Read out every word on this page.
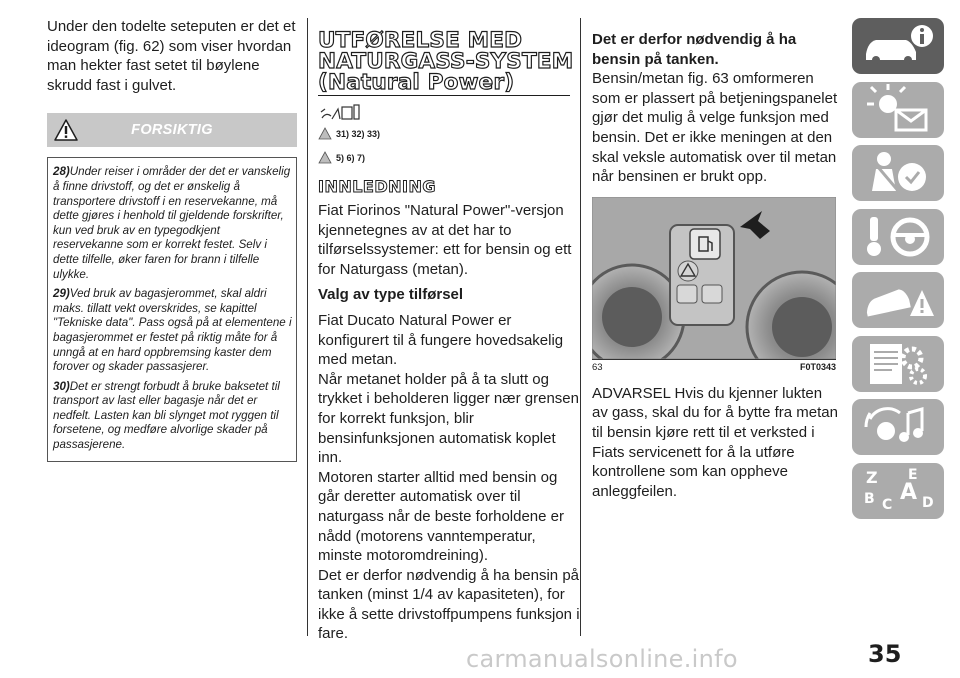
Under den todelte seteputen er det et ideogram (fig. 62) som viser hvordan man hekter fast setet til bøylene skrudd fast i gulvet.

FORSIKTIG
28)Under reiser i områder der det er vanskelig å finne drivstoff, og det er ønskelig å transportere drivstoff i en reservekanne, må dette gjøres i henhold til gjeldende forskrifter, kun ved bruk av en typegodkjent reservekanne som er korrekt festet. Selv i dette tilfelle, øker faren for brann i tilfelle ulykke.
29)Ved bruk av bagasjerommet, skal aldri maks. tillatt vekt overskrides, se kapittel "Tekniske data". Pass også på at elementene i bagasjerommet er festet på riktig måte for å unngå at en hard oppbremsing kaster dem forover og skader passasjerer.
30)Det er strengt forbudt å bruke baksetet til transport av last eller bagasje når det er nedfelt. Lasten kan bli slynget mot ryggen til forsetene, og medføre alvorlige skader på passasjerene.
UTFØRELSE MED
NATURGASS-SYSTEM
(Natural Power)
31) 32) 33)
5) 6) 7)
INNLEDNING

Fiat Fiorinos "Natural Power"-versjon kjennetegnes av at det har to tilførselssystemer: ett for bensin og ett for Naturgass (metan).

Valg av type tilførsel

Fiat Ducato Natural Power er konfigurert til å fungere hovedsakelig med metan.

Når metanet holder på å ta slutt og trykket i beholderen ligger nær grensen for korrekt funksjon, blir bensinfunksjonen automatisk koplet inn.

Motoren starter alltid med bensin og går deretter automatisk over til naturgass når de beste forholdene er nådd (motorens vanntemperatur, minste motoromdreining).

Det er derfor nødvendig å ha bensin på tanken (minst 1/4 av kapasiteten), for ikke å sette drivstoffpumpens funksjon i fare.

Det er derfor nødvendig å ha bensin på tanken.

Bensin/metan fig. 63 omformeren som er plassert på betjeningspanelet gjør det mulig å velge funksjon med bensin. Det er ikke meningen at den skal veksle automatisk over til metan når bensinen er brukt opp.

63	F0T0343

ADVARSEL Hvis du kjenner lukten av gass, skal du for å bytte fra metan til bensin kjøre rett til et verksted i Fiats servicenett for å la utføre kontrollene som kan oppheve anleggfeilen.

Z E
B C A D
carmanualsonline.info	35
